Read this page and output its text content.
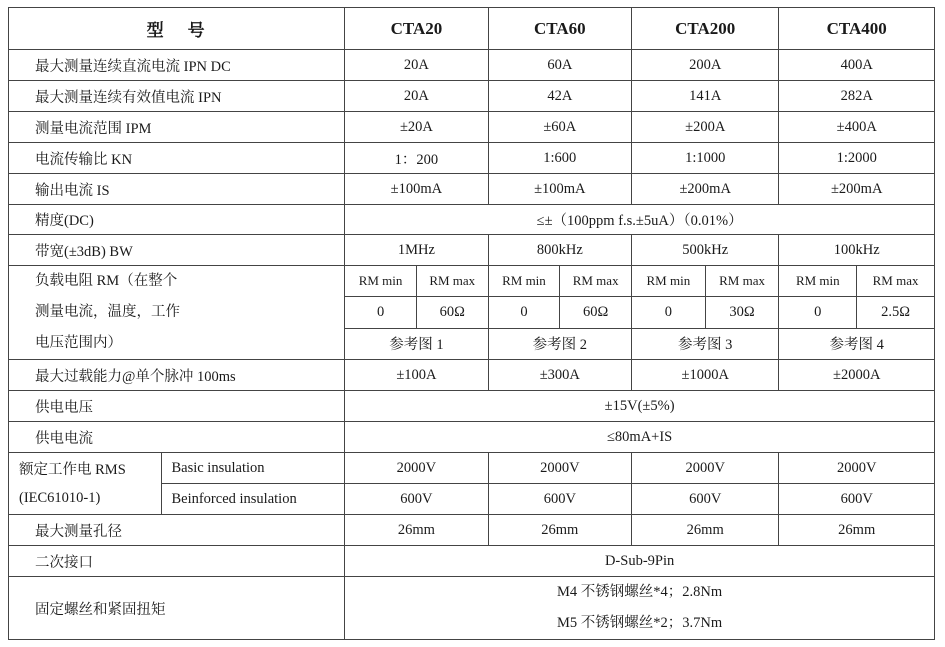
型号		CTA20		CTA60		CTA200		CTA400	
最大测量连续直流电流 IPN DC		20A		60A		200A		400A	
最大测量连续有效值电流 IPN		20A		42A		141A		282A	
测量电流范围 IPM		±20A		±60A		±200A		±400A	
电流传输比 KN		1：200		1:600		1:1000		1:2000	
输出电流 IS		±100mA		±100mA		±200mA		±200mA	
精度(DC)		≤±（100ppm f.s.±5uA）（0.01%）							
带宽(±3dB) BW		1MHz		800kHz		500kHz		100kHz	

负载电阻 RM（在整个
测量电流，温度，工作
电压范围内）		RM min	RM max	RM min	RM max	RM min	RM max	RM min	RM max
		0	60Ω	0	60Ω	0	30Ω	0	2.5Ω
		参考图 1		参考图 2		参考图 3		参考图 4	
最大过载能力@单个脉冲 100ms		±100A		±300A		±1000A		±2000A	
供电电压		±15V(±5%)							
供电电流		≤80mA+IS							
额定工作电 RMS	Basic insulation	2000V		2000V		2000V		2000V	
(IEC61010-1)	Beinforced insulation	600V		600V		600V		600V	
最大测量孔径		26mm		26mm		26mm		26mm	
二次接口		D-Sub-9Pin							
固定螺丝和紧固扭矩		M4 不锈钢螺丝*4；2.8Nm
M5 不锈钢螺丝*2；3.7Nm							
